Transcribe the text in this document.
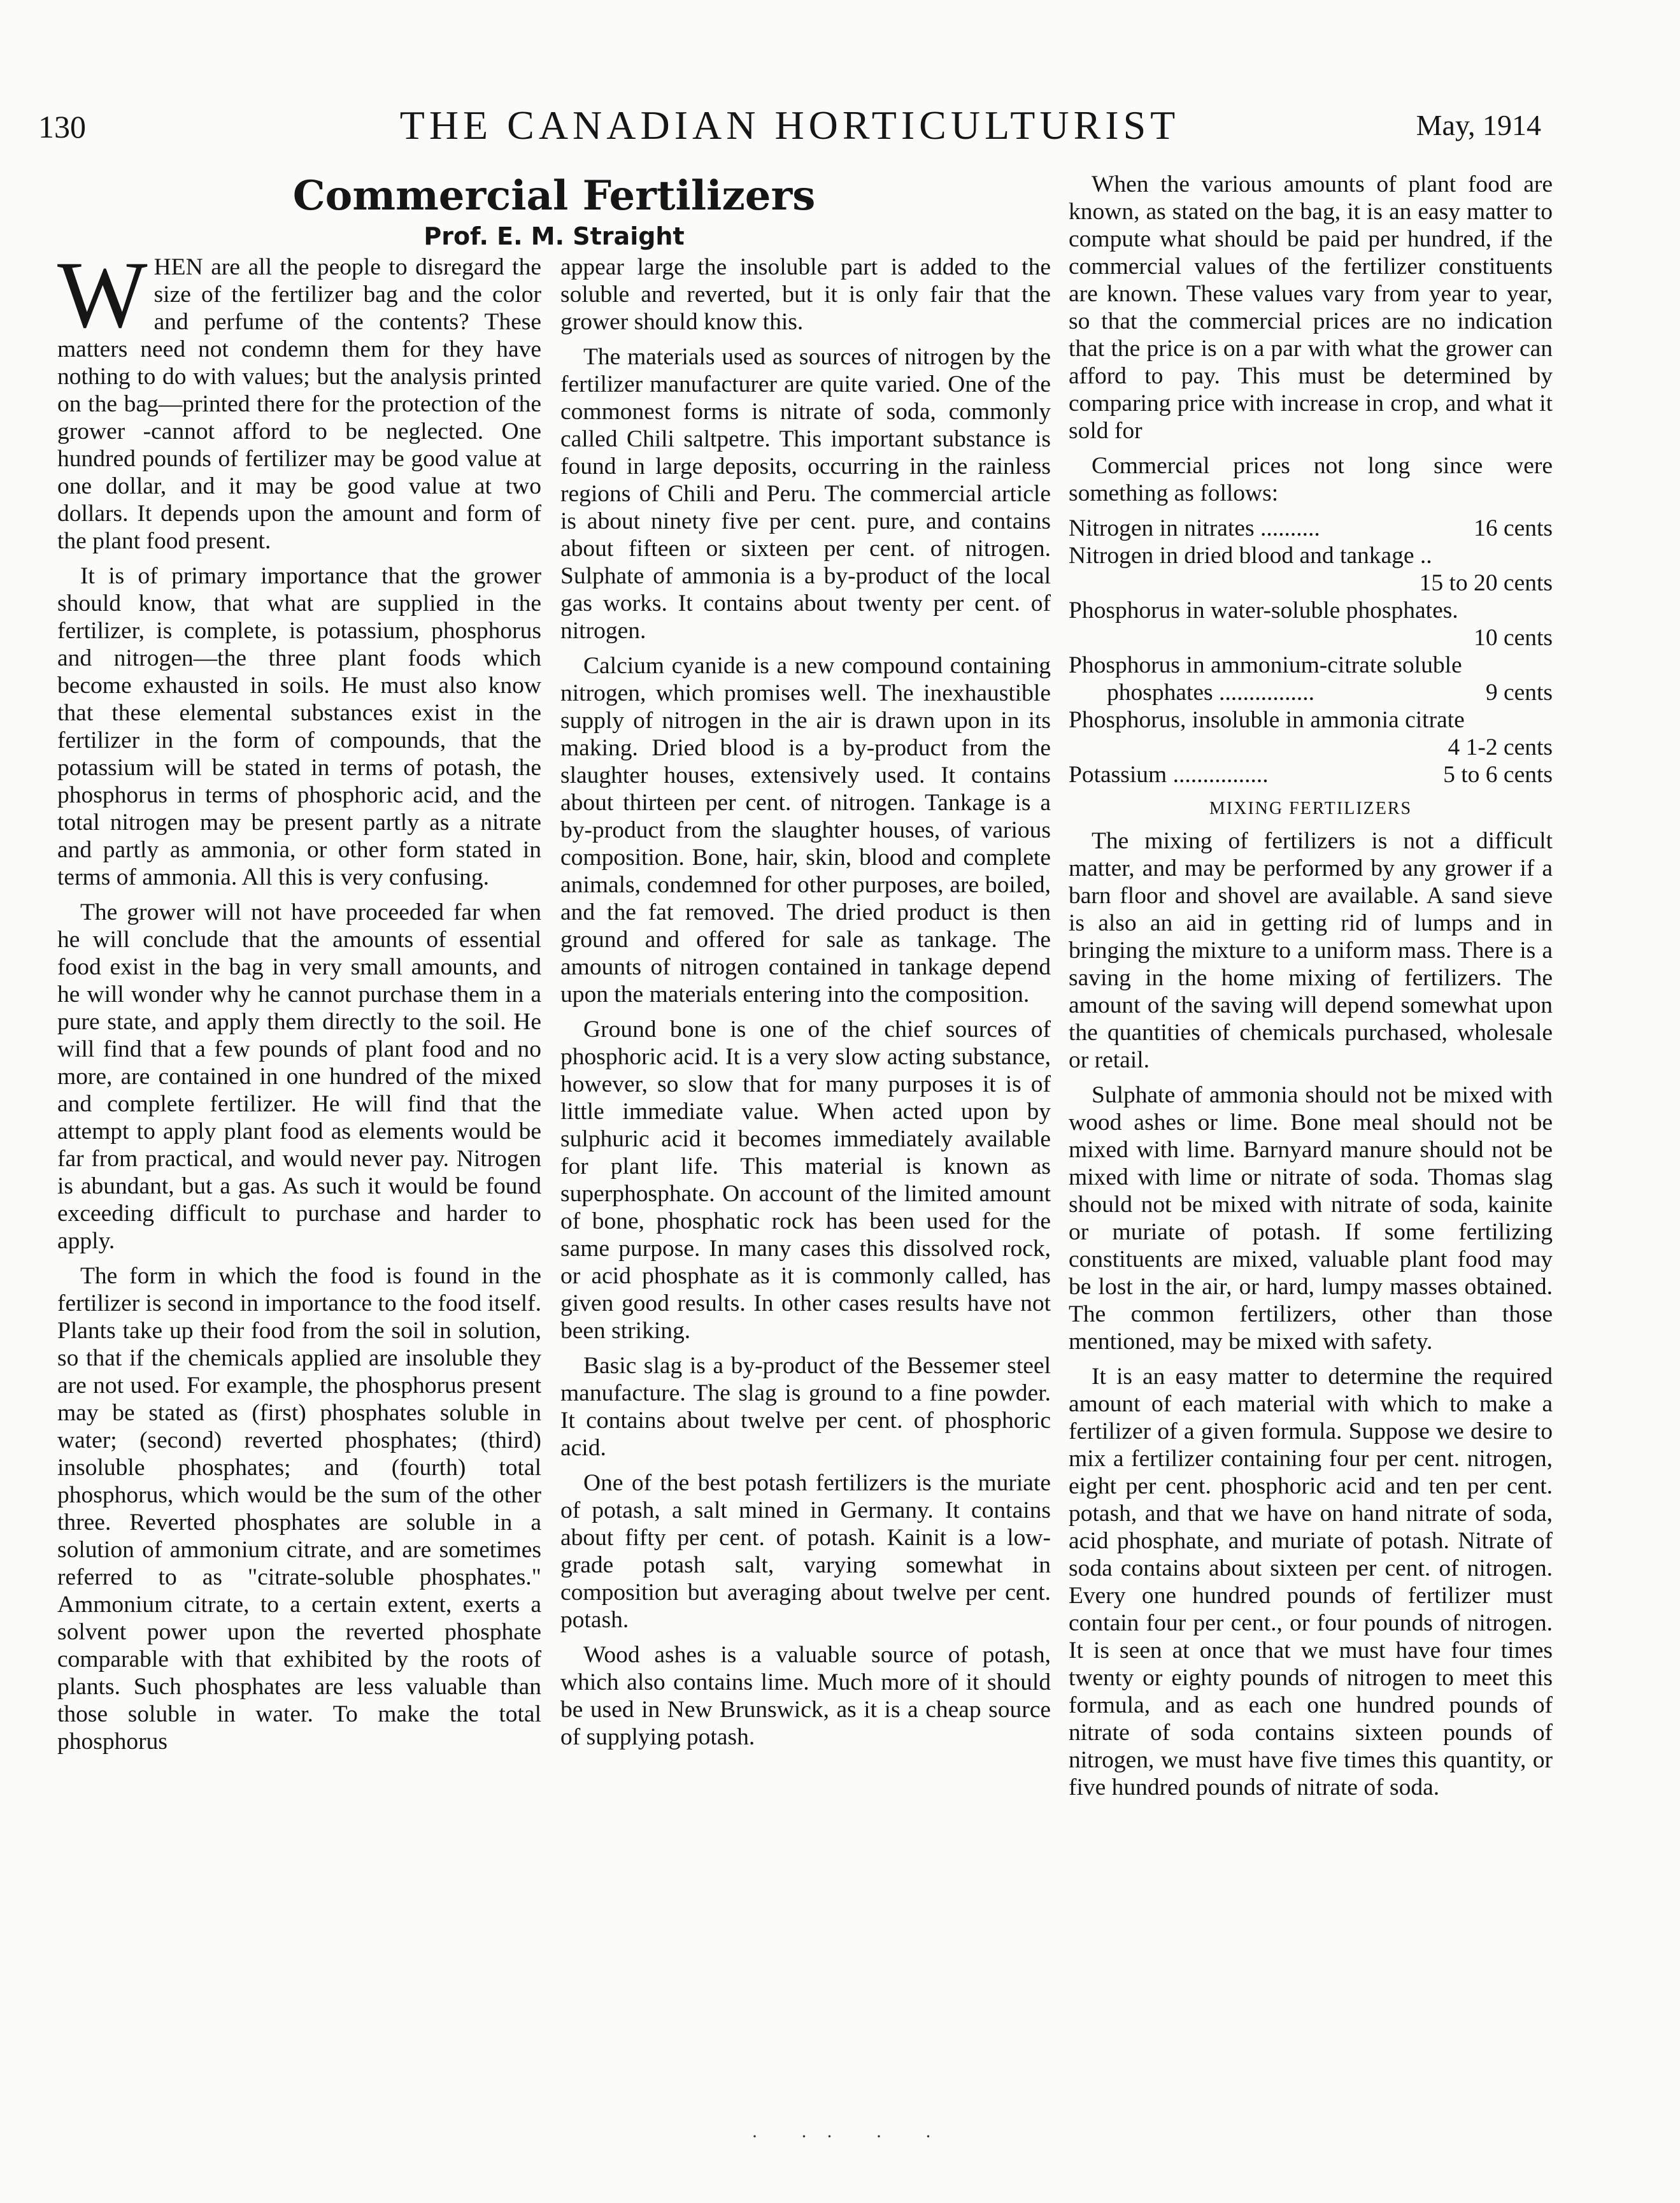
130	THE CANADIAN HORTICULTURIST	May, 1914
Commercial Fertilizers
Prof. E. M. Straight

WHEN are all the people to disregard the size of the fertilizer bag and the color and perfume of the contents? These matters need not condemn them for they have nothing to do with values; but the analysis printed on the bag—printed there for the protection of the grower -cannot afford to be neglected. One hundred pounds of fertilizer may be good value at one dollar, and it may be good value at two dollars. It depends upon the amount and form of the plant food present.

It is of primary importance that the grower should know, that what are supplied in the fertilizer, is complete, is potassium, phosphorus and nitrogen—the three plant foods which become exhausted in soils. He must also know that these elemental substances exist in the fertilizer in the form of compounds, that the potassium will be stated in terms of potash, the phosphorus in terms of phosphoric acid, and the total nitrogen may be present partly as a nitrate and partly as ammonia, or other form stated in terms of ammonia. All this is very confusing.

The grower will not have proceeded far when he will conclude that the amounts of essential food exist in the bag in very small amounts, and he will wonder why he cannot purchase them in a pure state, and apply them directly to the soil. He will find that a few pounds of plant food and no more, are contained in one hundred of the mixed and complete fertilizer. He will find that the attempt to apply plant food as elements would be far from practical, and would never pay. Nitrogen is abundant, but a gas. As such it would be found exceeding difficult to purchase and harder to apply.

The form in which the food is found in the fertilizer is second in importance to the food itself. Plants take up their food from the soil in solution, so that if the chemicals applied are insoluble they are not used. For example, the phosphorus present may be stated as (first) phosphates soluble in water; (second) reverted phosphates; (third) insoluble phosphates; and (fourth) total phosphorus, which would be the sum of the other three. Reverted phosphates are soluble in a solution of ammonium citrate, and are sometimes referred to as "citrate-soluble phosphates." Ammonium citrate, to a certain extent, exerts a solvent power upon the reverted phosphate comparable with that exhibited by the roots of plants. Such phosphates are less valuable than those soluble in water. To make the total phosphorus

appear large the insoluble part is added to the soluble and reverted, but it is only fair that the grower should know this.

The materials used as sources of nitrogen by the fertilizer manufacturer are quite varied. One of the commonest forms is nitrate of soda, commonly called Chili saltpetre. This important substance is found in large deposits, occurring in the rainless regions of Chili and Peru. The commercial article is about ninety five per cent. pure, and contains about fifteen or sixteen per cent. of nitrogen. Sulphate of ammonia is a by-product of the local gas works. It contains about twenty per cent. of nitrogen.

Calcium cyanide is a new compound containing nitrogen, which promises well. The inexhaustible supply of nitrogen in the air is drawn upon in its making. Dried blood is a by-product from the slaughter houses, extensively used. It contains about thirteen per cent. of nitrogen. Tankage is a by-product from the slaughter houses, of various composition. Bone, hair, skin, blood and complete animals, condemned for other purposes, are boiled, and the fat removed. The dried product is then ground and offered for sale as tankage. The amounts of nitrogen contained in tankage depend upon the materials entering into the composition.

Ground bone is one of the chief sources of phosphoric acid. It is a very slow acting substance, however, so slow that for many purposes it is of little immediate value. When acted upon by sulphuric acid it becomes immediately available for plant life. This material is known as superphosphate. On account of the limited amount of bone, phosphatic rock has been used for the same purpose. In many cases this dissolved rock, or acid phosphate as it is commonly called, has given good results. In other cases results have not been striking.

Basic slag is a by-product of the Bessemer steel manufacture. The slag is ground to a fine powder. It contains about twelve per cent. of phosphoric acid.

One of the best potash fertilizers is the muriate of potash, a salt mined in Germany. It contains about fifty per cent. of potash. Kainit is a low-grade potash salt, varying somewhat in composition but averaging about twelve per cent. potash.

Wood ashes is a valuable source of potash, which also contains lime. Much more of it should be used in New Brunswick, as it is a cheap source of supplying potash.

When the various amounts of plant food are known, as stated on the bag, it is an easy matter to compute what should be paid per hundred, if the commercial values of the fertilizer constituents are known. These values vary from year to year, so that the commercial prices are no indication that the price is on a par with what the grower can afford to pay. This must be determined by comparing price with increase in crop, and what it sold for

Commercial prices not long since were something as follows:

Nitrogen in nitrates ..........	16 cents
Nitrogen in dried blood and tankage ..
15 to 20 cents
Phosphorus in water-soluble phosphates.
10 cents
Phosphorus in ammonium-citrate soluble
phosphates ................	9 cents
Phosphorus, insoluble in ammonia citrate
4 1-2 cents
Potassium ................	5 to 6 cents
MIXING FERTILIZERS

The mixing of fertilizers is not a difficult matter, and may be performed by any grower if a barn floor and shovel are available. A sand sieve is also an aid in getting rid of lumps and in bringing the mixture to a uniform mass. There is a saving in the home mixing of fertilizers. The amount of the saving will depend somewhat upon the quantities of chemicals purchased, wholesale or retail.

Sulphate of ammonia should not be mixed with wood ashes or lime. Bone meal should not be mixed with lime. Barnyard manure should not be mixed with lime or nitrate of soda. Thomas slag should not be mixed with nitrate of soda, kainite or muriate of potash. If some fertilizing constituents are mixed, valuable plant food may be lost in the air, or hard, lumpy masses obtained. The common fertilizers, other than those mentioned, may be mixed with safety.

It is an easy matter to determine the required amount of each material with which to make a fertilizer of a given formula. Suppose we desire to mix a fertilizer containing four per cent. nitrogen, eight per cent. phosphoric acid and ten per cent. potash, and that we have on hand nitrate of soda, acid phosphate, and muriate of potash. Nitrate of soda contains about sixteen per cent. of nitrogen. Every one hundred pounds of fertilizer must contain four per cent., or four pounds of nitrogen. It is seen at once that we must have four times twenty or eighty pounds of nitrogen to meet this formula, and as each one hundred pounds of nitrate of soda contains sixteen pounds of nitrogen, we must have five times this quantity, or five hundred pounds of nitrate of soda.

· ·· · ·
